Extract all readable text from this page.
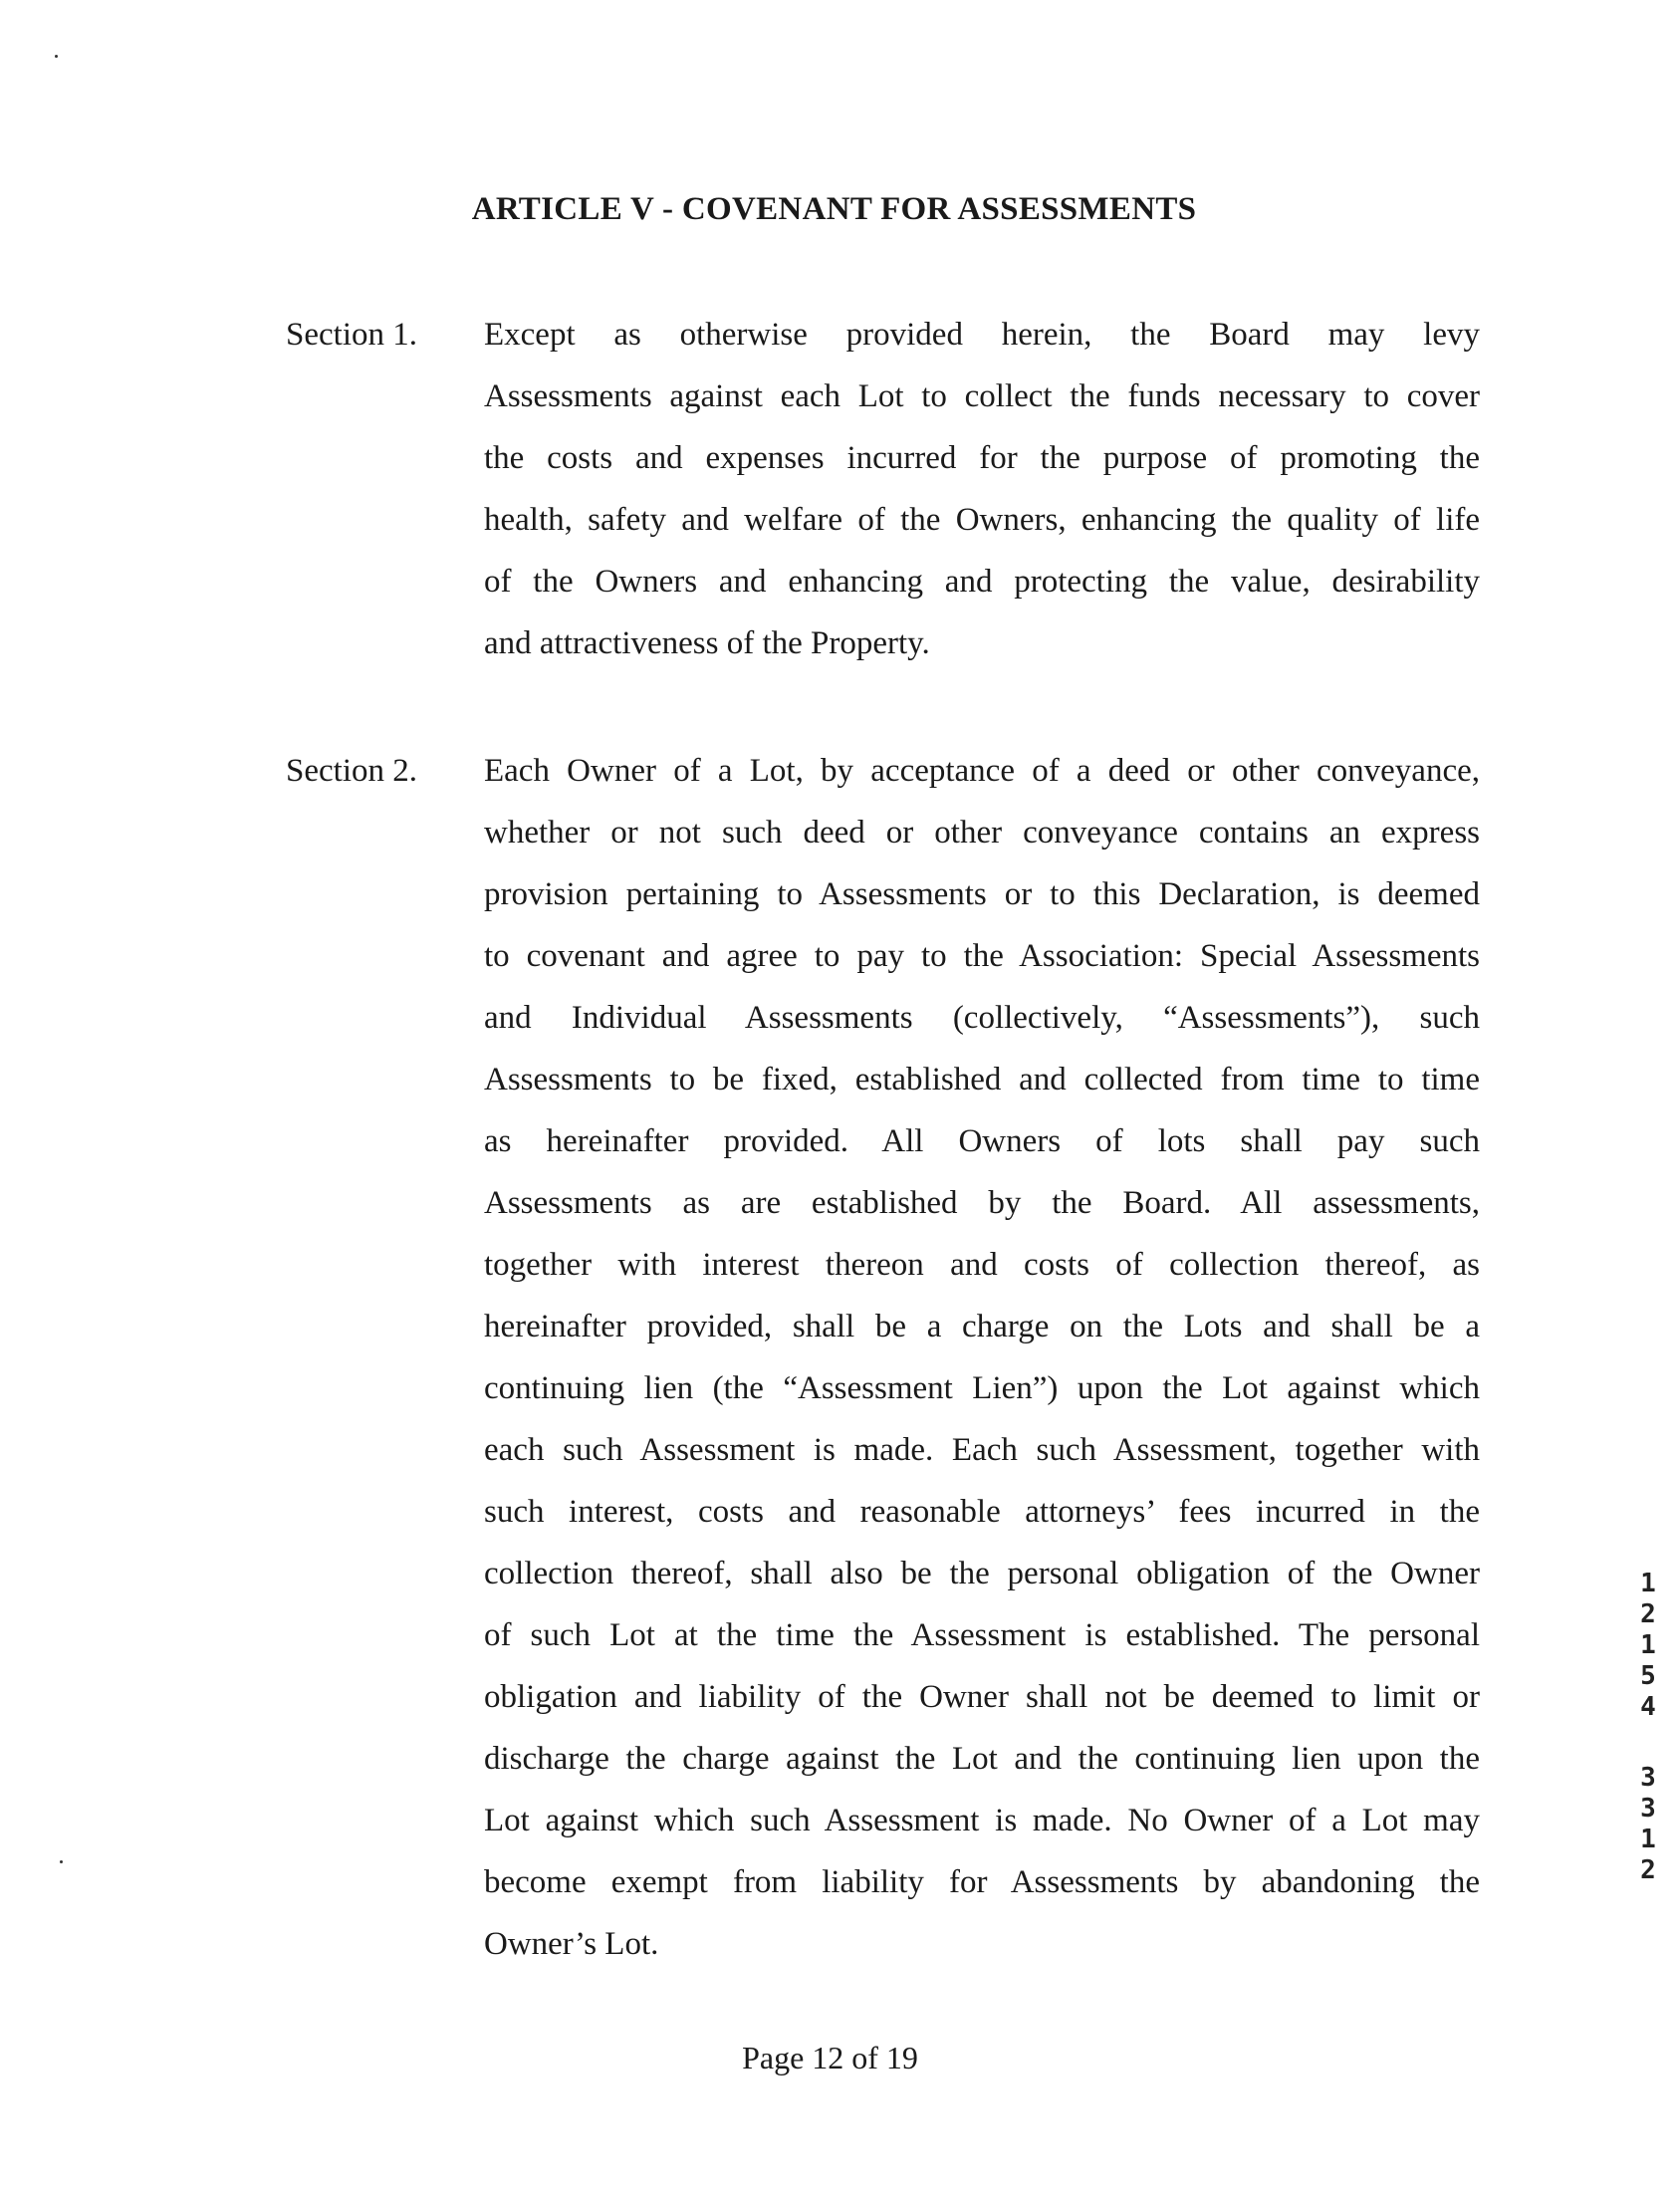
ARTICLE V - COVENANT FOR ASSESSMENTS
Section 1. Except as otherwise provided herein, the Board may levy
Assessments against each Lot to collect the funds necessary to cover
the costs and expenses incurred for the purpose of promoting the
health, safety and welfare of the Owners, enhancing the quality of life
of the Owners and enhancing and protecting the value, desirability
and attractiveness of the Property.
Section 2. Each Owner of a Lot, by acceptance of a deed or other conveyance,
whether or not such deed or other conveyance contains an express
provision pertaining to Assessments or to this Declaration, is deemed
to covenant and agree to pay to the Association: Special Assessments
and Individual Assessments (collectively, “Assessments”), such
Assessments to be fixed, established and collected from time to time
as hereinafter provided. All Owners of lots shall pay such
Assessments as are established by the Board. All assessments,
together with interest thereon and costs of collection thereof, as
hereinafter provided, shall be a charge on the Lots and shall be a
continuing lien (the “Assessment Lien”) upon the Lot against which
each such Assessment is made. Each such Assessment, together with
such interest, costs and reasonable attorneys’ fees incurred in the
collection thereof, shall also be the personal obligation of the Owner
of such Lot at the time the Assessment is established. The personal
obligation and liability of the Owner shall not be deemed to limit or
discharge the charge against the Lot and the continuing lien upon the
Lot against which such Assessment is made. No Owner of a Lot may
become exempt from liability for Assessments by abandoning the
Owner’s Lot.
1
2
1
5
4
3
3
1
2
Page 12 of 19
